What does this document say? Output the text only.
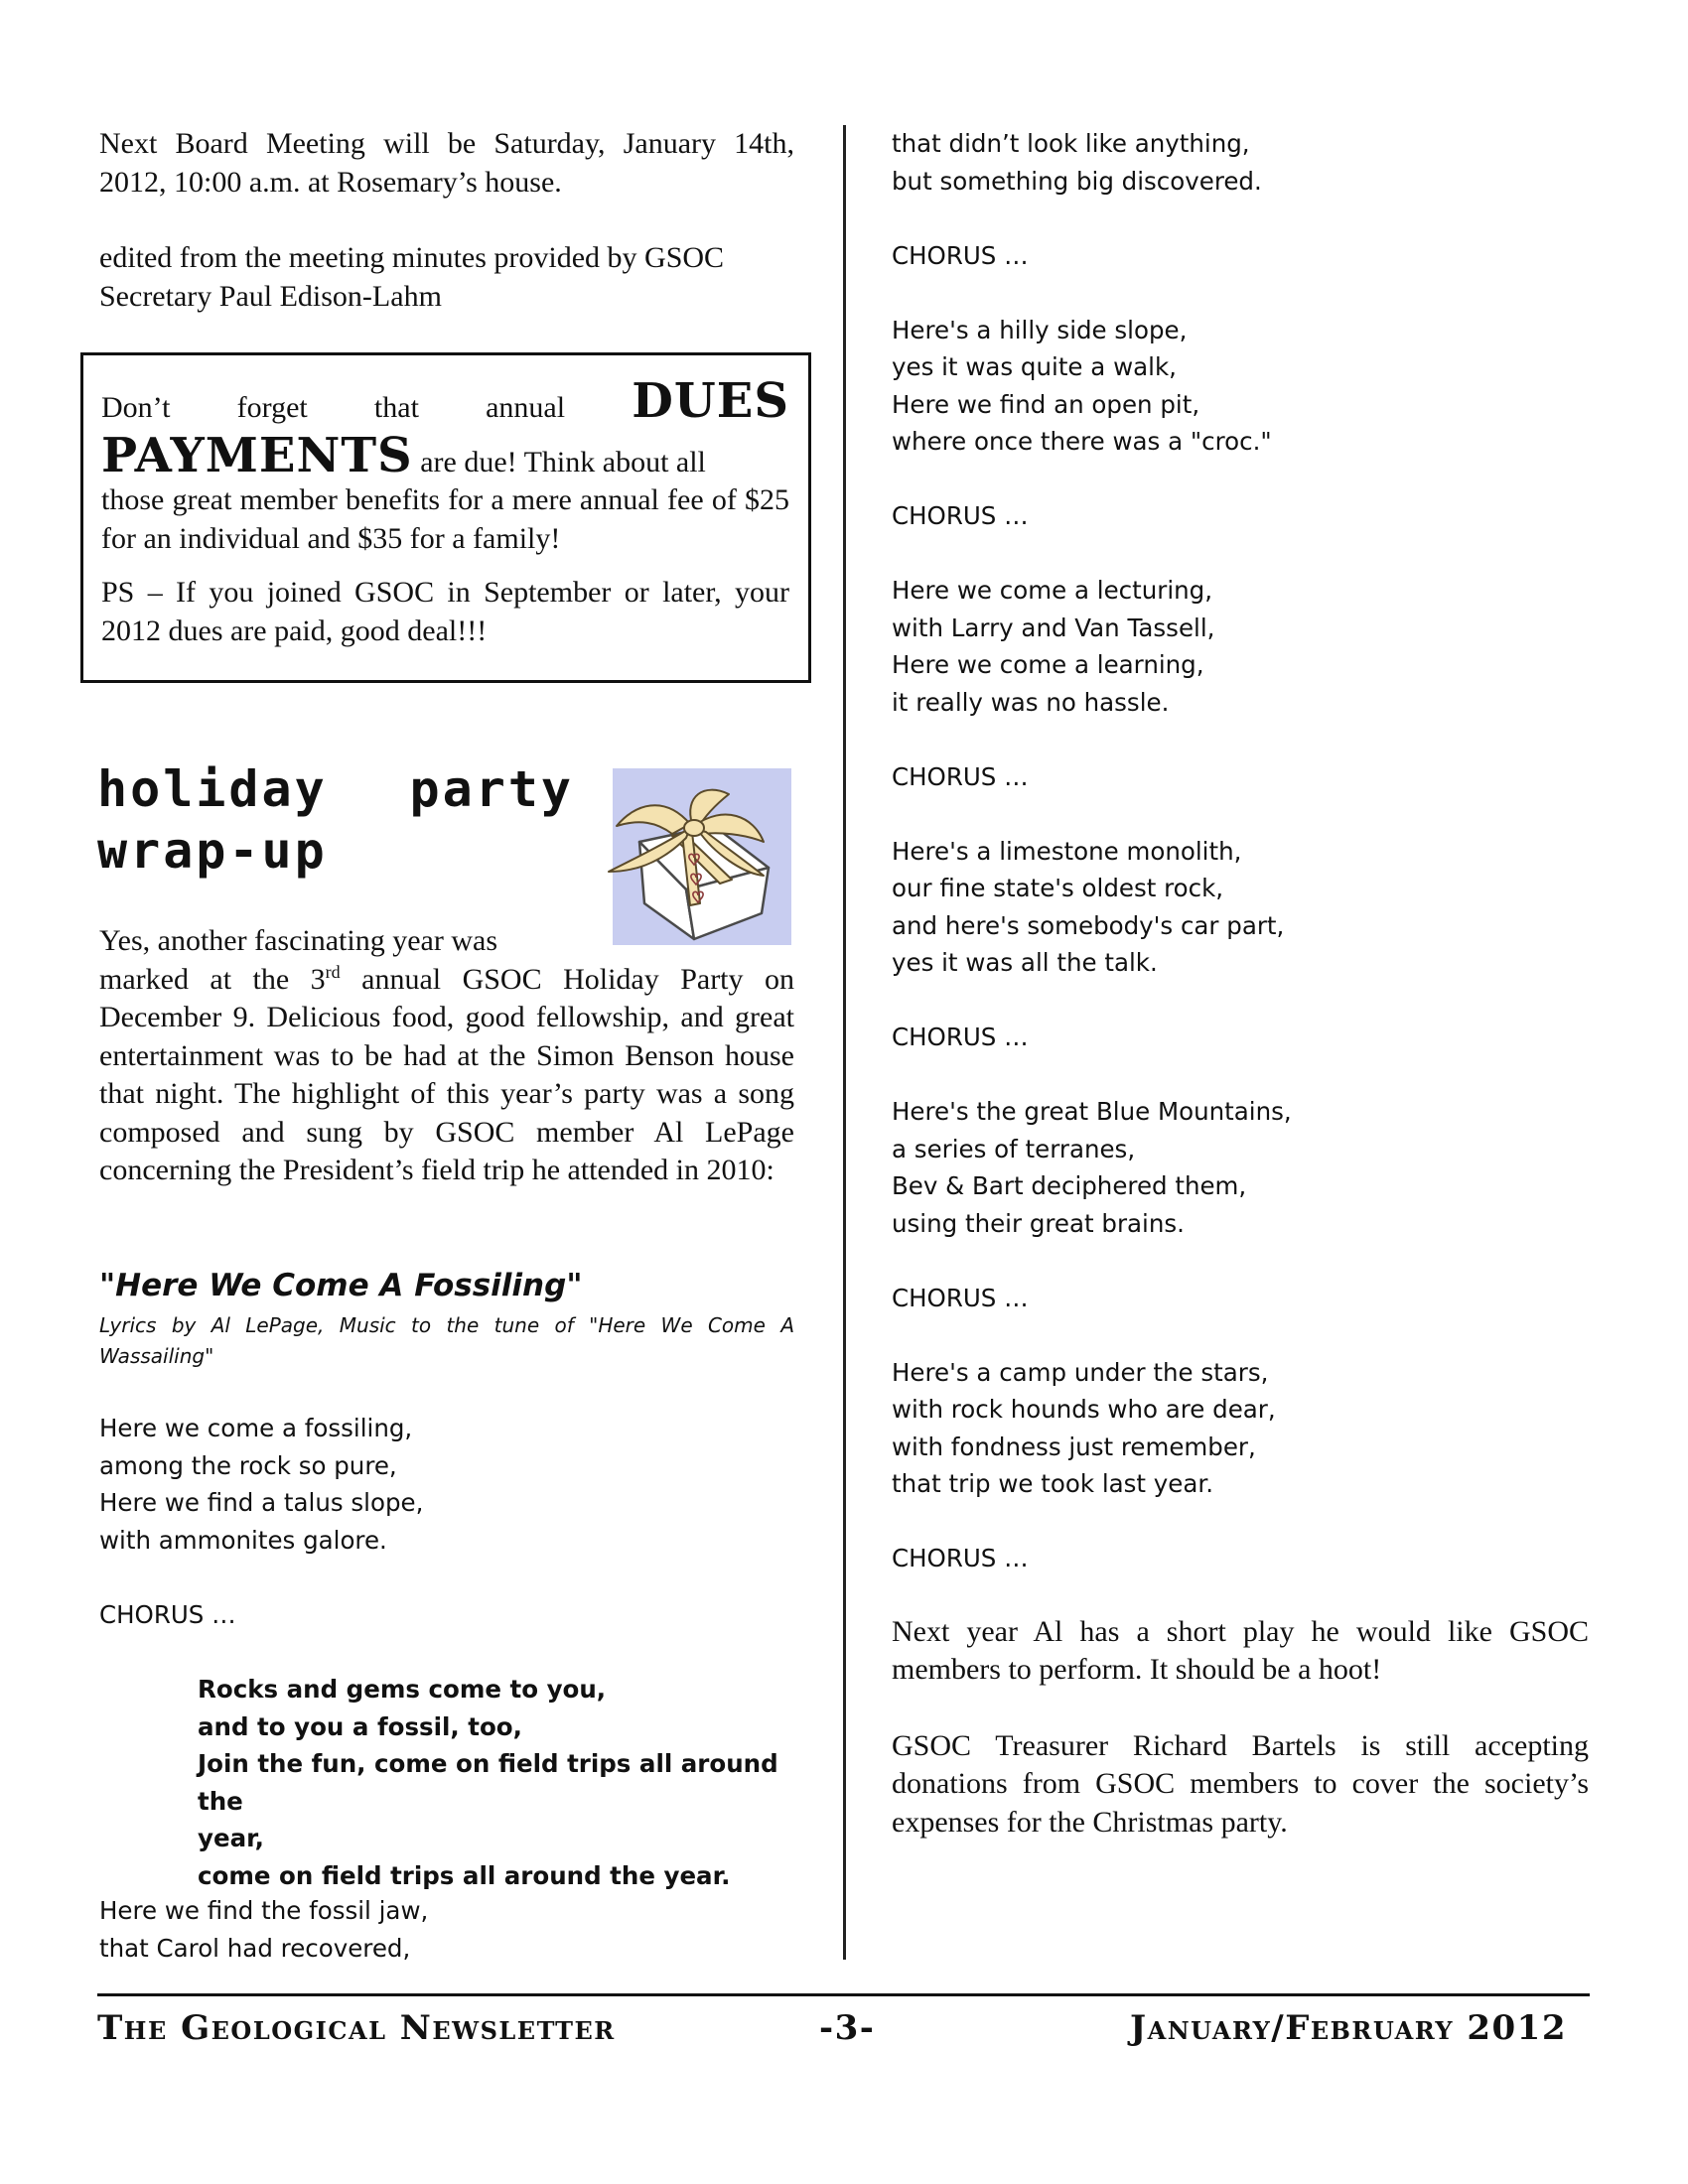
Next Board Meeting will be Saturday, January 14th, 2012, 10:00 a.m. at Rosemary’s house.

edited from the meeting minutes provided by GSOC Secretary Paul Edison-Lahm

Don’t forget that annual DUES
PAYMENTS are due! Think about all

those great member benefits for a mere annual fee of $25 for an individual and $35 for a family!

PS – If you joined GSOC in September or later, your 2012 dues are paid, good deal!!!

holiday party
wrap-up

Yes, another fascinating year was

marked at the 3rd annual GSOC Holiday Party on December 9. Delicious food, good fellowship, and great entertainment was to be had at the Simon Benson house that night. The highlight of this year’s party was a song composed and sung by GSOC member Al LePage concerning the President’s field trip he attended in 2010:

"Here We Come A Fossiling"
Lyrics by Al LePage, Music to the tune of "Here We Come A Wassailing"
Here we come a fossiling,
among the rock so pure,
Here we find a talus slope,
with ammonites galore.
CHORUS …
Rocks and gems come to you,
and to you a fossil, too,
Join the fun, come on field trips all around the
year,
come on field trips all around the year.
Here we find the fossil jaw,
that Carol had recovered,
that didn’t look like anything,
but something big discovered.
CHORUS …
Here's a hilly side slope,
yes it was quite a walk,
Here we find an open pit,
where once there was a "croc."
CHORUS …
Here we come a lecturing,
with Larry and Van Tassell,
Here we come a learning,
it really was no hassle.
CHORUS …
Here's a limestone monolith,
our fine state's oldest rock,
and here's somebody's car part,
yes it was all the talk.
CHORUS …
Here's the great Blue Mountains,
a series of terranes,
Bev & Bart deciphered them,
using their great brains.
CHORUS …
Here's a camp under the stars,
with rock hounds who are dear,
with fondness just remember,
that trip we took last year.
CHORUS …

Next year Al has a short play he would like GSOC members to perform. It should be a hoot!

GSOC Treasurer Richard Bartels is still accepting donations from GSOC members to cover the society’s expenses for the Christmas party.

The Geological Newsletter	-3-	January/February 2012
